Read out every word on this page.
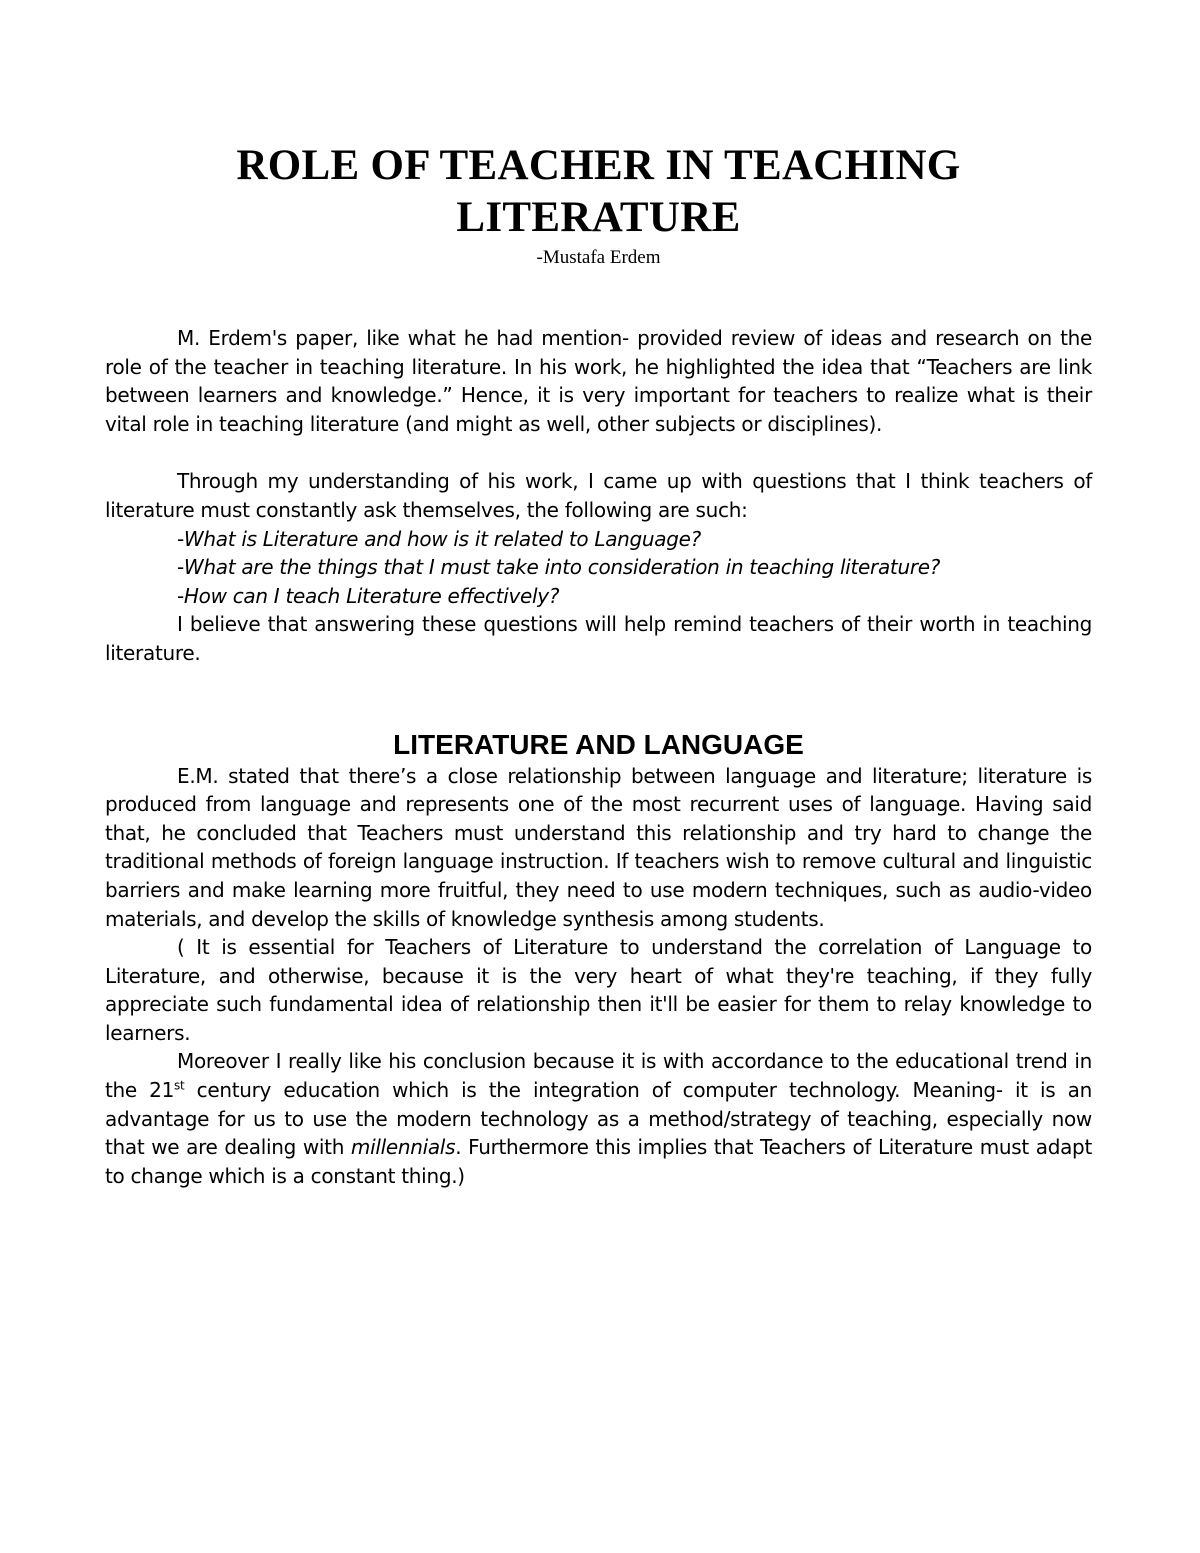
ROLE OF TEACHER IN TEACHING
LITERATURE

-Mustafa Erdem

M. Erdem's paper, like what he had mention- provided review of ideas and research on the role of the teacher in teaching literature. In his work, he highlighted the idea that “Teachers are link between learners and knowledge.” Hence, it is very important for teachers to realize what is their vital role in teaching literature (and might as well, other subjects or disciplines).

Through my understanding of his work, I came up with questions that I think teachers of literature must constantly ask themselves, the following are such:

-What is Literature and how is it related to Language?

-What are the things that I must take into consideration in teaching literature?

-How can I teach Literature effectively?

I believe that answering these questions will help remind teachers of their worth in teaching literature.

LITERATURE AND LANGUAGE

E.M. stated that there’s a close relationship between language and literature; literature is produced from language and represents one of the most recurrent uses of language. Having said that, he concluded that Teachers must understand this relationship and try hard to change the traditional methods of foreign language instruction. If teachers wish to remove cultural and linguistic barriers and make learning more fruitful, they need to use modern techniques, such as audio-video materials, and develop the skills of knowledge synthesis among students.

( It is essential for Teachers of Literature to understand the correlation of Language to Literature, and otherwise, because it is the very heart of what they're teaching, if they fully appreciate such fundamental idea of relationship then it'll be easier for them to relay knowledge to learners.

Moreover I really like his conclusion because it is with accordance to the educational trend in the 21st century education which is the integration of computer technology. Meaning- it is an advantage for us to use the modern technology as a method/strategy of teaching, especially now that we are dealing with millennials. Furthermore this implies that Teachers of Literature must adapt to change which is a constant thing.)
